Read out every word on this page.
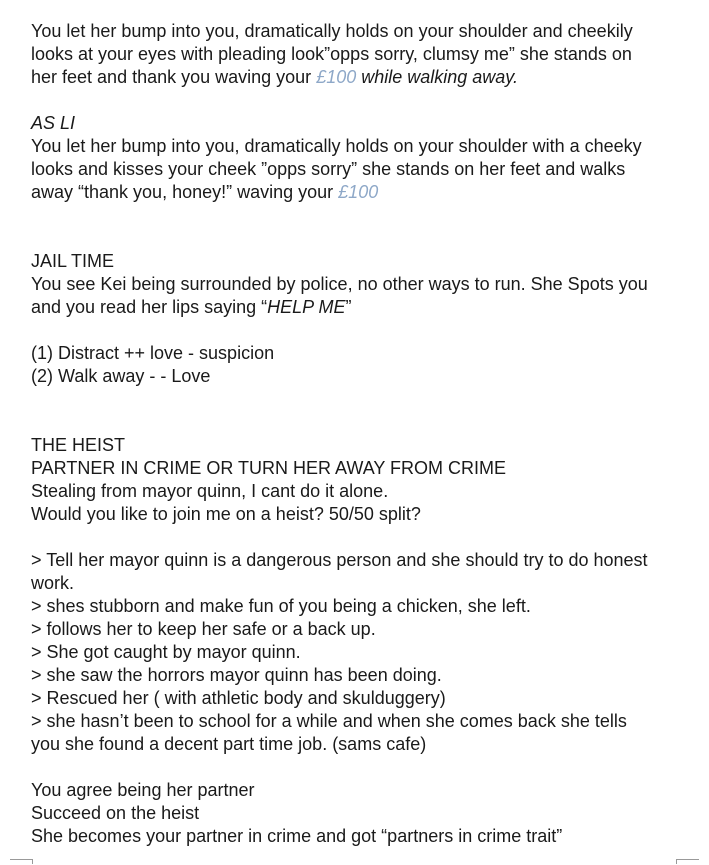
You let her bump into you, dramatically holds on your shoulder and cheekily
looks at your eyes with pleading look”opps sorry, clumsy me” she stands on
her feet and thank you waving your £100 while walking away.
AS LI
You let her bump into you, dramatically holds on your shoulder with a cheeky
looks and kisses your cheek ”opps sorry” she stands on her feet and walks
away “thank you, honey!” waving your £100
JAIL TIME
You see Kei being surrounded by police, no other ways to run. She Spots you
and you read her lips saying “HELP ME”
(1) Distract ++ love - suspicion
(2) Walk away - - Love
THE HEIST
PARTNER IN CRIME OR TURN HER AWAY FROM CRIME
Stealing from mayor quinn, I cant do it alone.
Would you like to join me on a heist? 50/50 split?
> Tell her mayor quinn is a dangerous person and she should try to do honest
work.
> shes stubborn and make fun of you being a chicken, she left.
> follows her to keep her safe or a back up.
> She got caught by mayor quinn.
> she saw the horrors mayor quinn has been doing.
> Rescued her ( with athletic body and skulduggery)
> she hasn’t been to school for a while and when she comes back she tells
you she found a decent part time job. (sams cafe)
You agree being her partner
Succeed on the heist
She becomes your partner in crime and got “partners in crime trait”
